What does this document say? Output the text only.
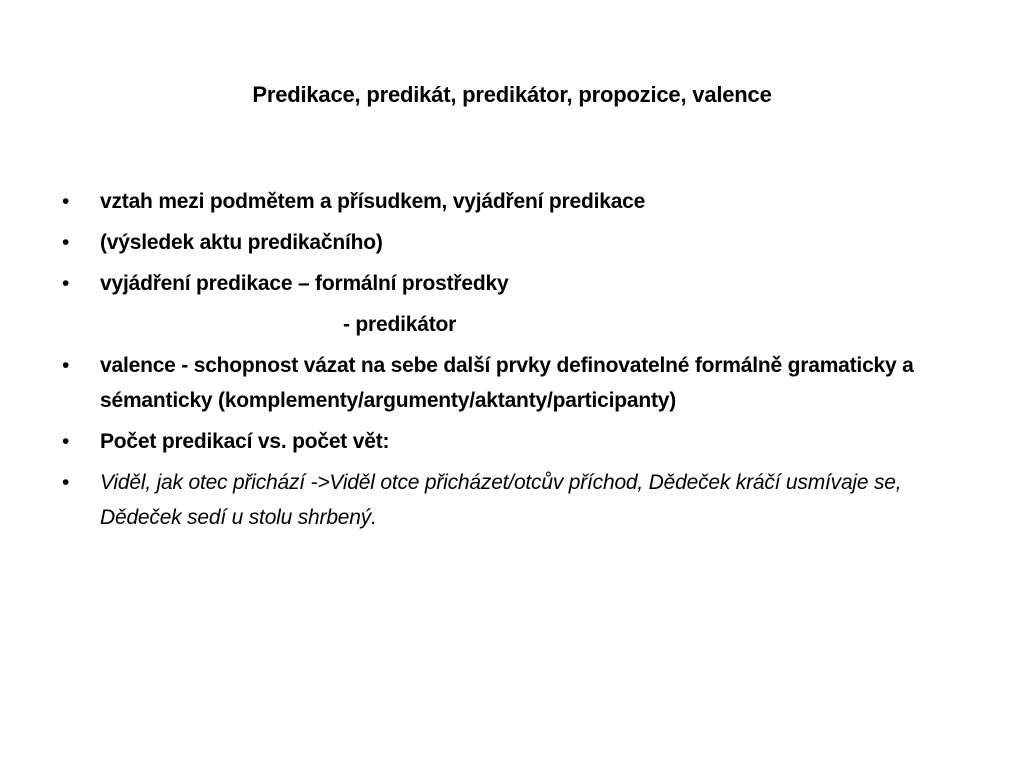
Predikace, predikát, predikátor, propozice, valence
• vztah mezi podmětem a přísudkem, vyjádření predikace
• (výsledek aktu predikačního)
• vyjádření predikace – formální prostředky
- predikátor
• valence - schopnost vázat na sebe další prvky definovatelné formálně gramaticky a sémanticky (komplementy/argumenty/aktanty/participanty)
• Počet predikací vs. počet vět:
• Viděl, jak otec přichází ->Viděl otce přicházet/otcův příchod, Dědeček kráčí usmívaje se, Dědeček sedí u stolu shrbený.
